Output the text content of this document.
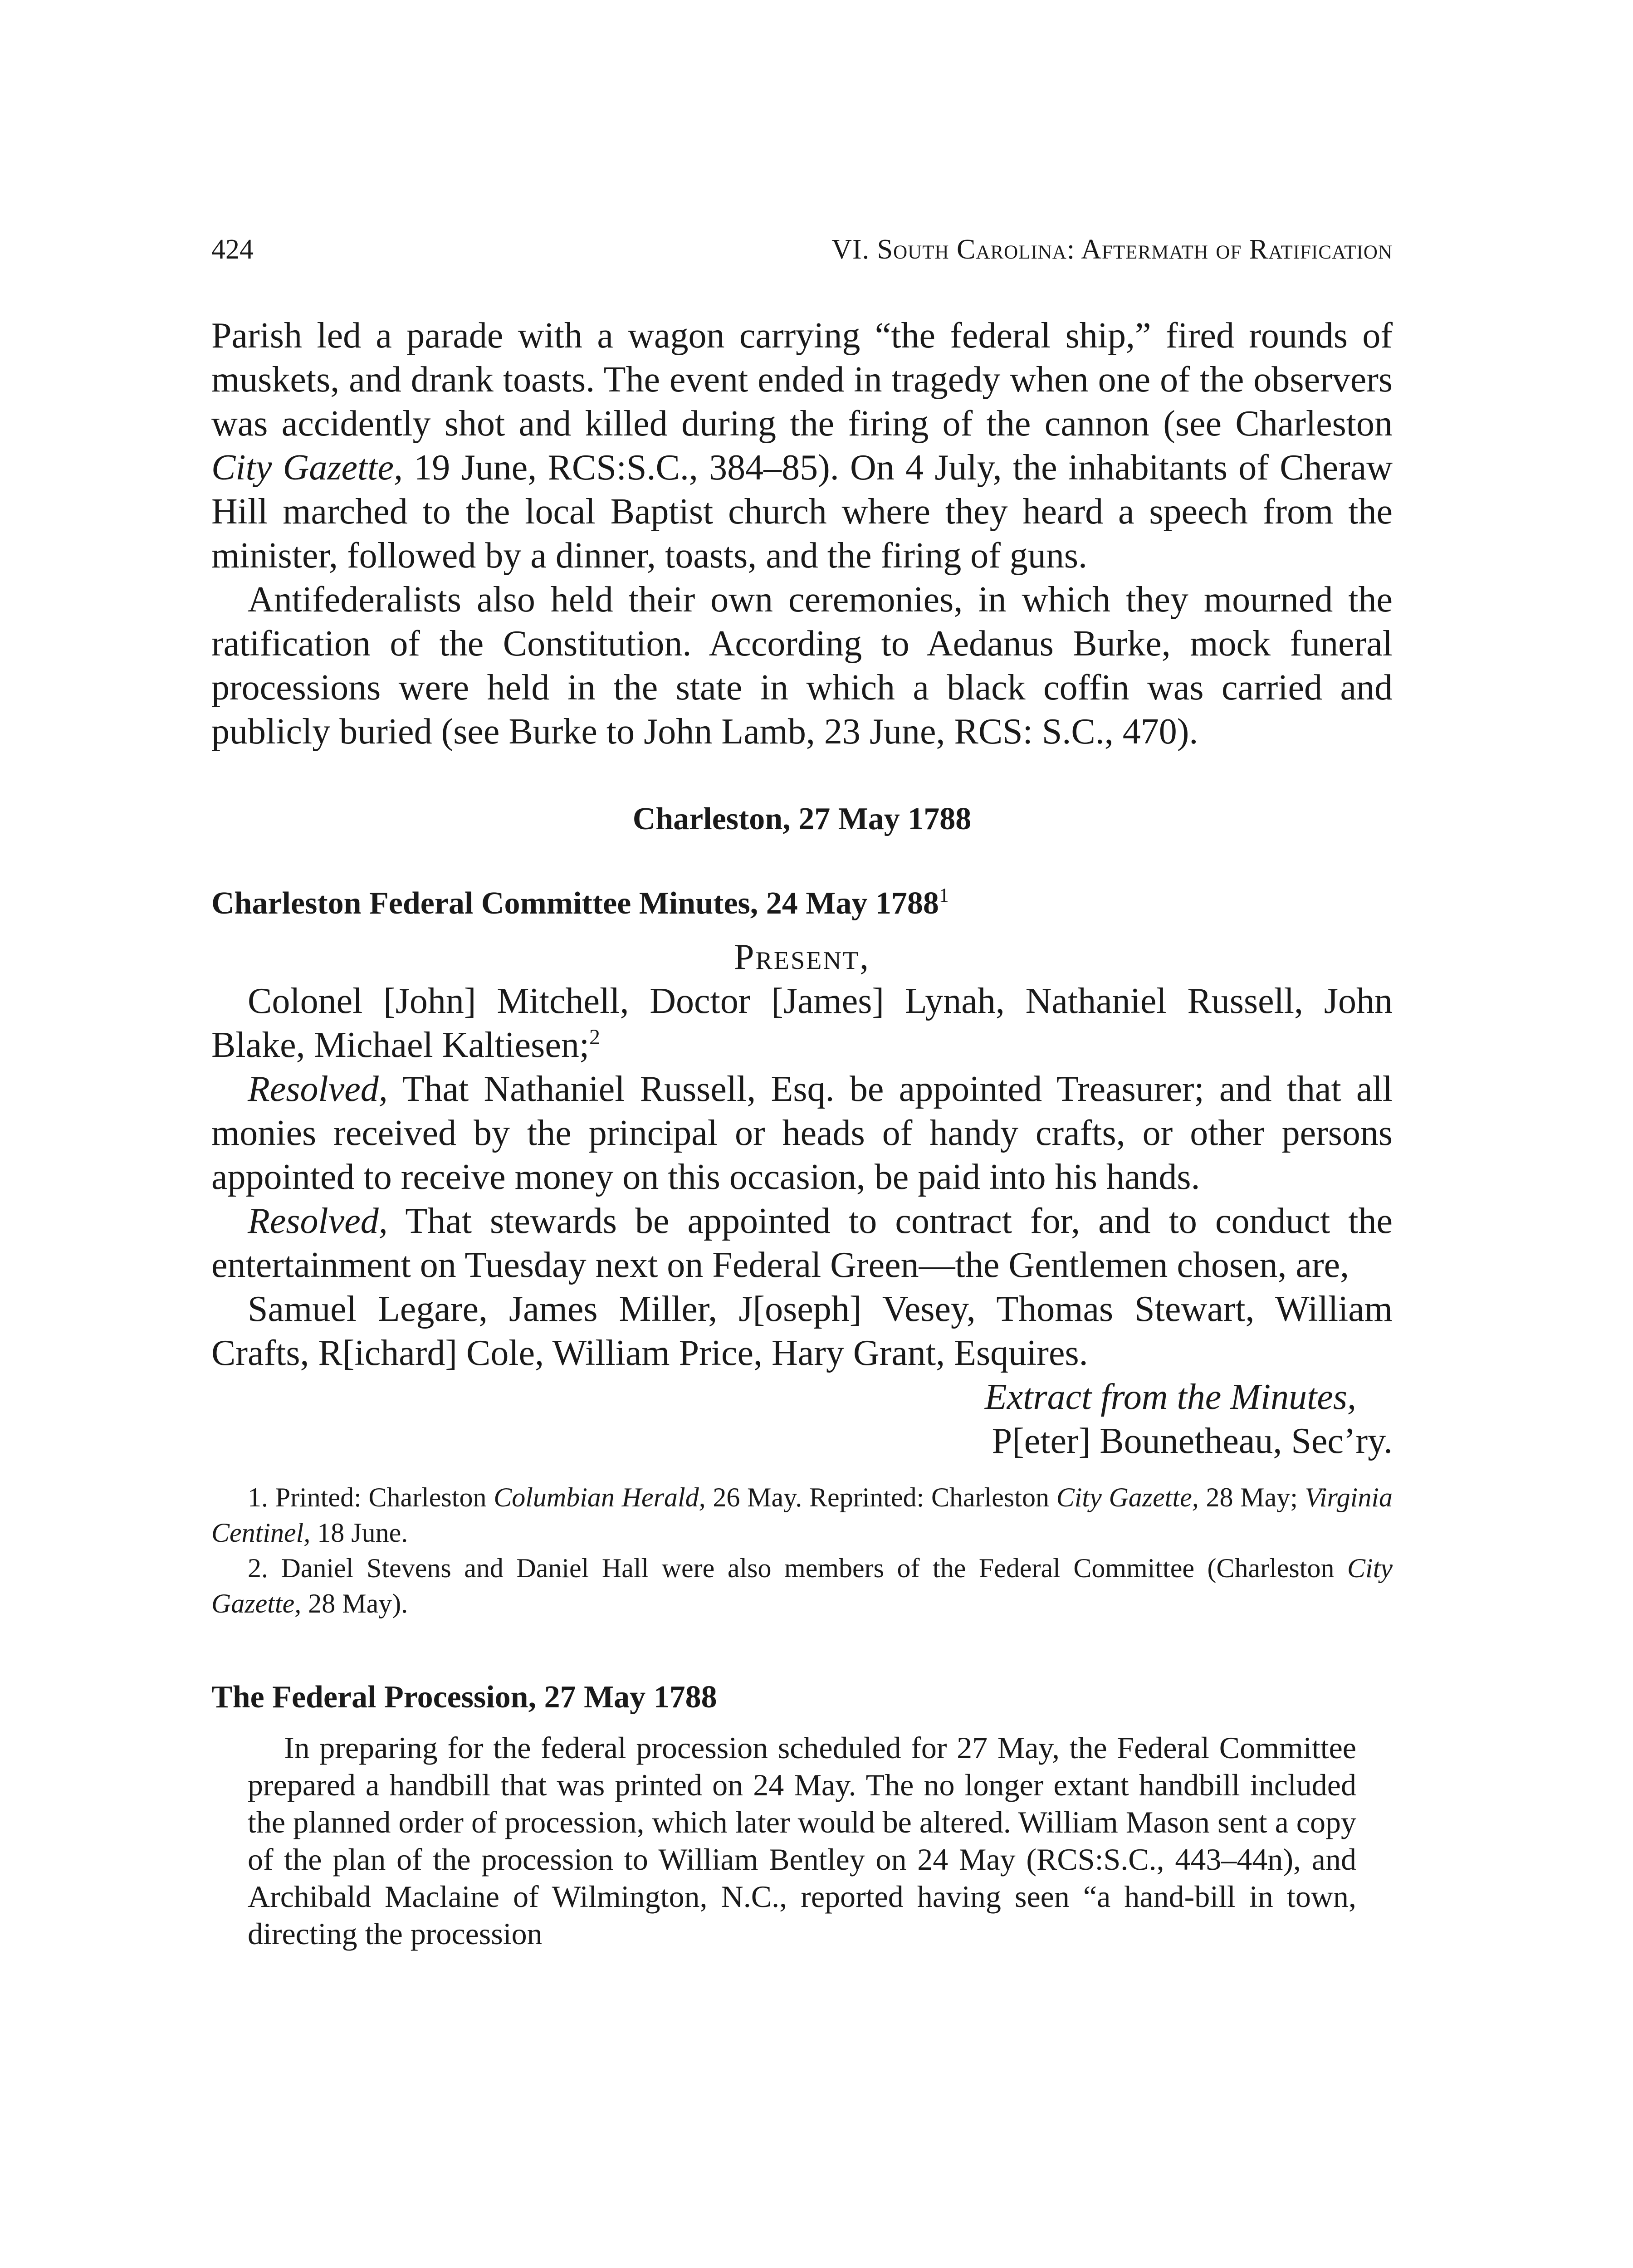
424	VI. South Carolina: Aftermath of Ratification

Parish led a parade with a wagon carrying “the federal ship,” fired rounds of muskets, and drank toasts. The event ended in tragedy when one of the observers was accidently shot and killed during the firing of the cannon (see Charleston City Gazette, 19 June, RCS:S.C., 384–85). On 4 July, the inhabitants of Cheraw Hill marched to the local Baptist church where they heard a speech from the minister, followed by a dinner, toasts, and the firing of guns.

Antifederalists also held their own ceremonies, in which they mourned the ratification of the Constitution. According to Aedanus Burke, mock funeral processions were held in the state in which a black coffin was carried and publicly buried (see Burke to John Lamb, 23 June, RCS: S.C., 470).

Charleston, 27 May 1788
Charleston Federal Committee Minutes, 24 May 1788$^1$

Present,

Colonel [John] Mitchell, Doctor [James] Lynah, Nathaniel Russell, John Blake, Michael Kaltiesen;$^2$

Resolved, That Nathaniel Russell, Esq. be appointed Treasurer; and that all monies received by the principal or heads of handy crafts, or other persons appointed to receive money on this occasion, be paid into his hands.

Resolved, That stewards be appointed to contract for, and to conduct the entertainment on Tuesday next on Federal Green—the Gentlemen chosen, are,

Samuel Legare, James Miller, J[oseph] Vesey, Thomas Stewart, William Crafts, R[ichard] Cole, William Price, Hary Grant, Esquires.

Extract from the Minutes,

P[eter] Bounetheau, Sec’ry.

1. Printed: Charleston Columbian Herald, 26 May. Reprinted: Charleston City Gazette, 28 May; Virginia Centinel, 18 June.

2. Daniel Stevens and Daniel Hall were also members of the Federal Committee (Charleston City Gazette, 28 May).

The Federal Procession, 27 May 1788

In preparing for the federal procession scheduled for 27 May, the Federal Committee prepared a handbill that was printed on 24 May. The no longer extant handbill included the planned order of procession, which later would be altered. William Mason sent a copy of the plan of the procession to William Bentley on 24 May (RCS:S.C., 443–44n), and Archibald Maclaine of Wilmington, N.C., reported having seen “a hand-bill in town, directing the procession
